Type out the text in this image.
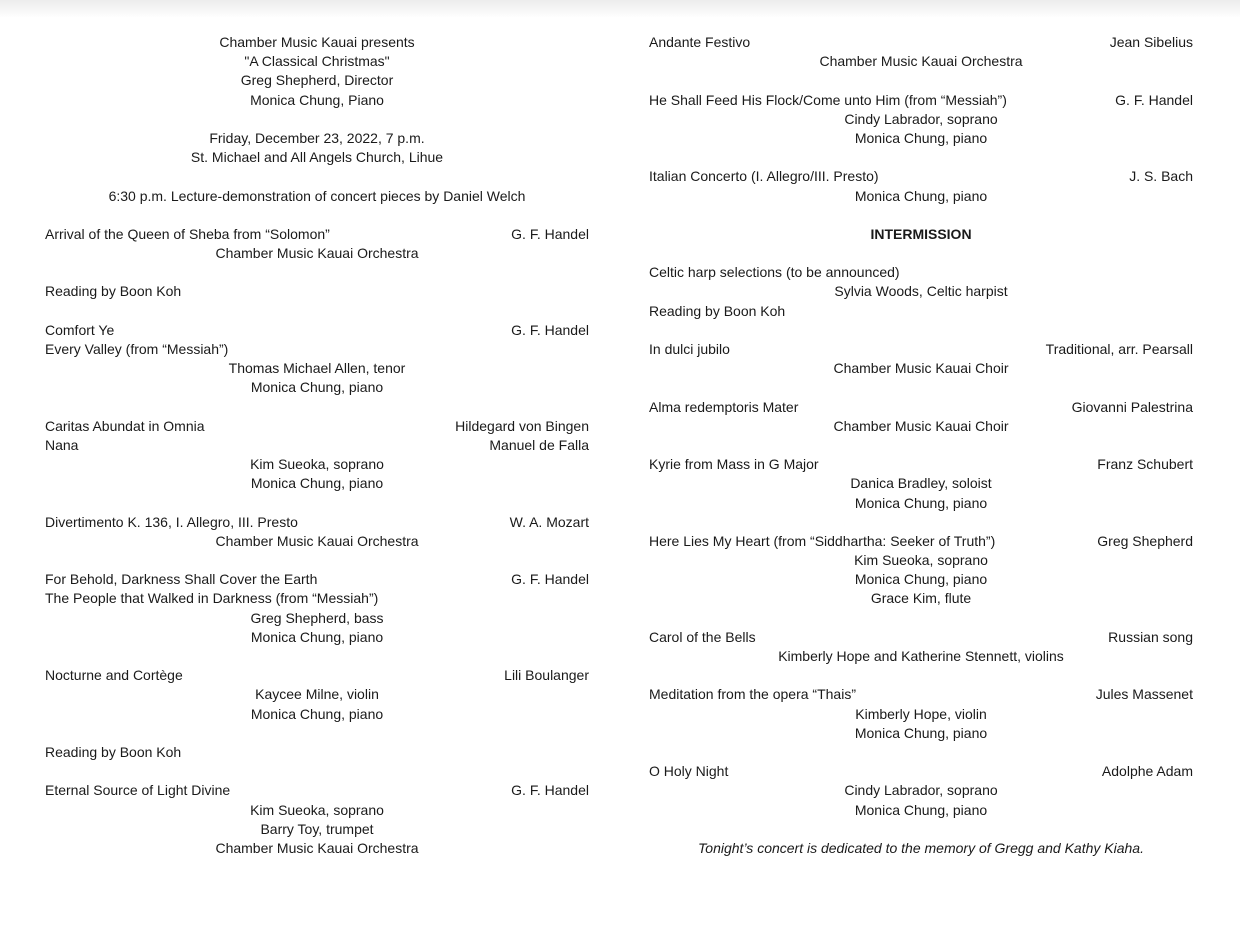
Chamber Music Kauai presents
"A Classical Christmas"
Greg Shepherd, Director
Monica Chung, Piano
Friday, December 23, 2022, 7 p.m.
St. Michael and All Angels Church, Lihue
6:30 p.m. Lecture-demonstration of concert pieces by Daniel Welch
Arrival of the Queen of Sheba from “Solomon”	G. F. Handel
Chamber Music Kauai Orchestra
Reading by Boon Koh
Comfort Ye	G. F. Handel
Every Valley (from “Messiah”)
Thomas Michael Allen, tenor
Monica Chung, piano
Caritas Abundat in Omnia	Hildegard von Bingen
Nana	Manuel de Falla
Kim Sueoka, soprano
Monica Chung, piano
Divertimento K. 136, I. Allegro, III. Presto	W. A. Mozart
Chamber Music Kauai Orchestra
For Behold, Darkness Shall Cover the Earth	G. F. Handel
The People that Walked in Darkness (from “Messiah”)
Greg Shepherd, bass
Monica Chung, piano
Nocturne and Cortège	Lili Boulanger
Kaycee Milne, violin
Monica Chung, piano
Reading by Boon Koh
Eternal Source of Light Divine	G. F. Handel
Kim Sueoka, soprano
Barry Toy, trumpet
Chamber Music Kauai Orchestra
Andante Festivo	Jean Sibelius
Chamber Music Kauai Orchestra
He Shall Feed His Flock/Come unto Him (from “Messiah”)	G. F. Handel
Cindy Labrador, soprano
Monica Chung, piano
Italian Concerto (I. Allegro/III. Presto)	J. S. Bach
Monica Chung, piano
INTERMISSION
Celtic harp selections (to be announced)
Sylvia Woods, Celtic harpist
Reading by Boon Koh
In dulci jubilo	Traditional, arr. Pearsall
Chamber Music Kauai Choir
Alma redemptoris Mater	Giovanni Palestrina
Chamber Music Kauai Choir
Kyrie from Mass in G Major	Franz Schubert
Danica Bradley, soloist
Monica Chung, piano
Here Lies My Heart (from “Siddhartha: Seeker of Truth”)	Greg Shepherd
Kim Sueoka, soprano
Monica Chung, piano
Grace Kim, flute
Carol of the Bells	Russian song
Kimberly Hope and Katherine Stennett, violins
Meditation from the opera “Thais”	Jules Massenet
Kimberly Hope, violin
Monica Chung, piano
O Holy Night	Adolphe Adam
Cindy Labrador, soprano
Monica Chung, piano
Tonight’s concert is dedicated to the memory of Gregg and Kathy Kiaha.
